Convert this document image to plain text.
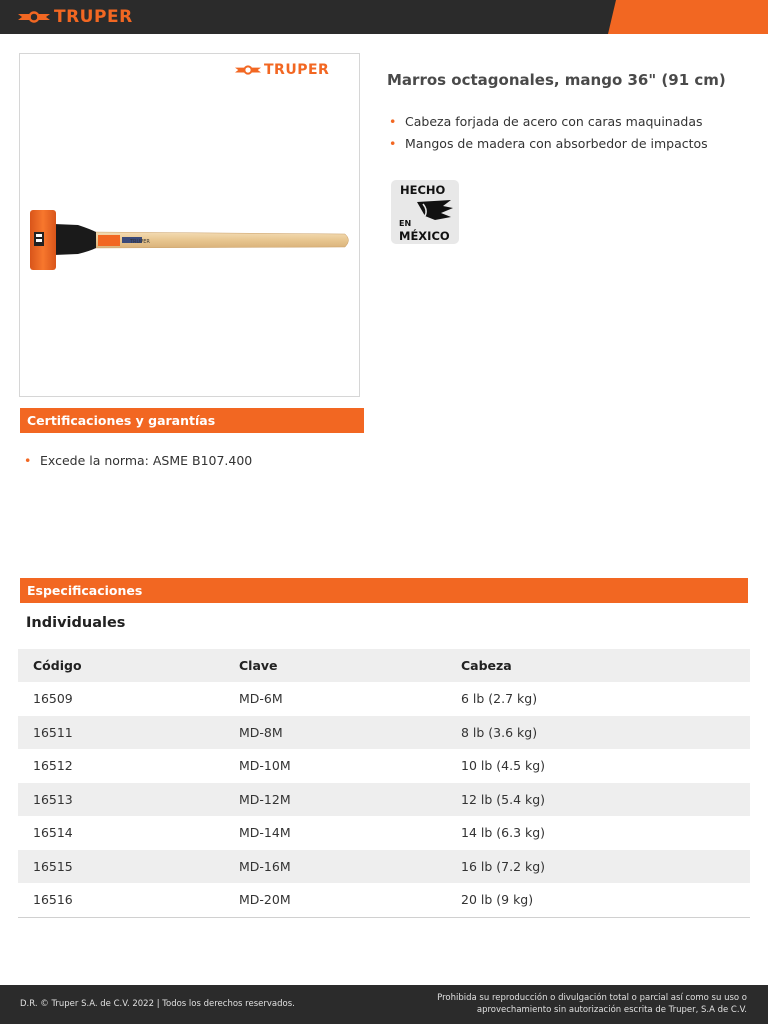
TRUPER
TRUPER
TRUPER
Marros octagonales, mango 36" (91 cm)
• Cabeza forjada de acero con caras maquinadas
• Mangos de madera con absorbedor de impactos
HECHO
EN
MÉXICO
Certificaciones y garantías
• Excede la norma: ASME B107.400
Especificaciones
Individuales
Código	Clave	Cabeza
16509	MD-6M	6 lb (2.7 kg)
16511	MD-8M	8 lb (3.6 kg)
16512	MD-10M	10 lb (4.5 kg)
16513	MD-12M	12 lb (5.4 kg)
16514	MD-14M	14 lb (6.3 kg)
16515	MD-16M	16 lb (7.2 kg)
16516	MD-20M	20 lb (9 kg)
D.R. © Truper S.A. de C.V. 2022 | Todos los derechos reservados.
Prohibida su reproducción o divulgación total o parcial así como su uso o
aprovechamiento sin autorización escrita de Truper, S.A de C.V.
